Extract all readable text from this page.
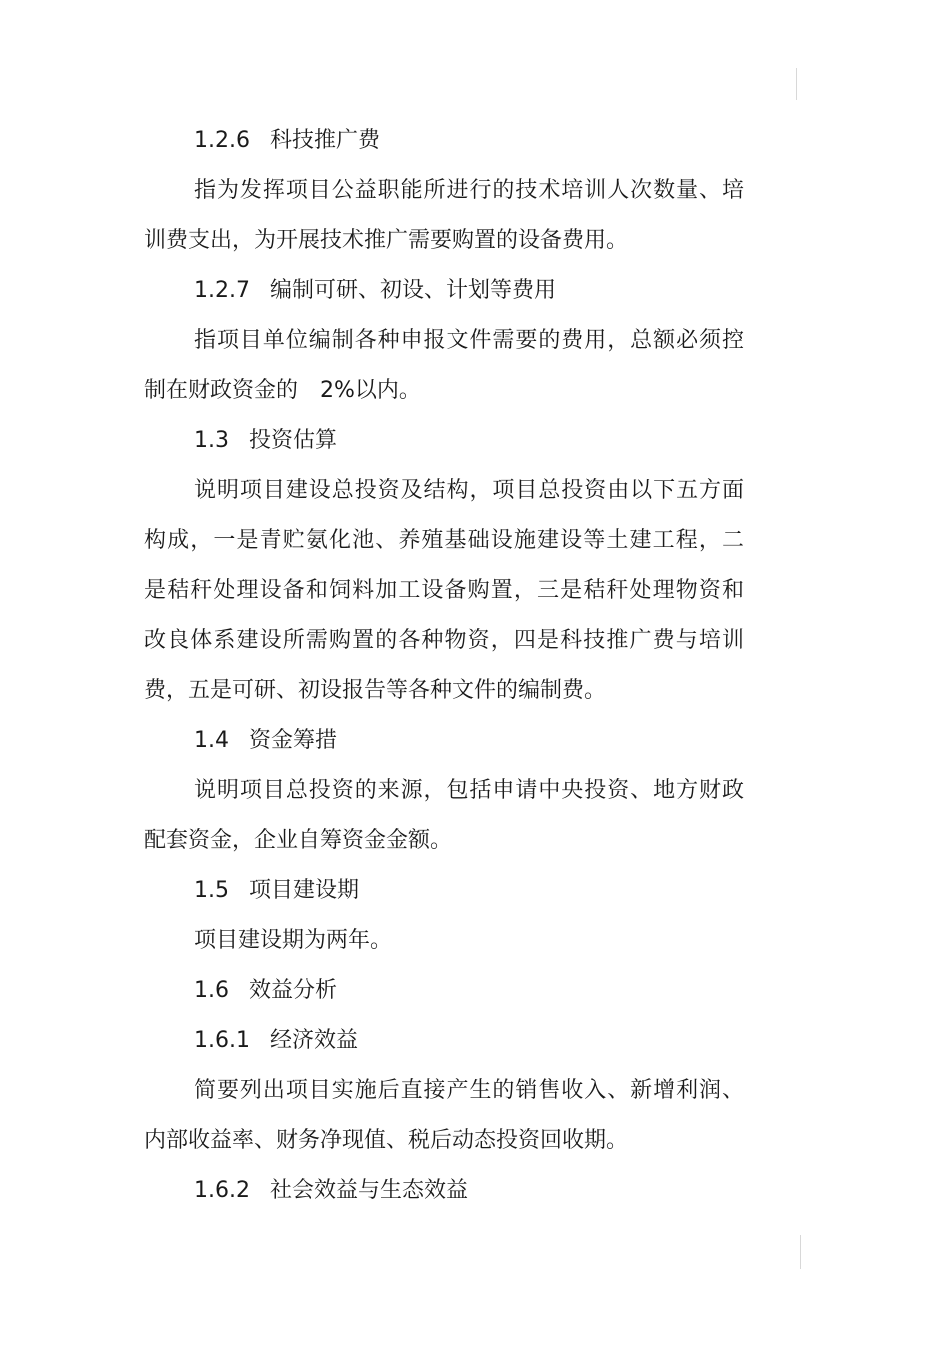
1.2.6 科技推广费
指为发挥项目公益职能所进行的技术培训人次数量、培
训费支出，为开展技术推广需要购置的设备费用。
1.2.7 编制可研、初设、计划等费用
指项目单位编制各种申报文件需要的费用，总额必须控
制在财政资金的　2%以内。
1.3 投资估算
说明项目建设总投资及结构，项目总投资由以下五方面
构成，一是青贮氨化池、养殖基础设施建设等土建工程，二
是秸秆处理设备和饲料加工设备购置，三是秸秆处理物资和
改良体系建设所需购置的各种物资，四是科技推广费与培训
费，五是可研、初设报告等各种文件的编制费。
1.4 资金筹措
说明项目总投资的来源，包括申请中央投资、地方财政
配套资金，企业自筹资金金额。
1.5 项目建设期
项目建设期为两年。
1.6 效益分析
1.6.1 经济效益
简要列出项目实施后直接产生的销售收入、新增利润、
内部收益率、财务净现值、税后动态投资回收期。
1.6.2 社会效益与生态效益
